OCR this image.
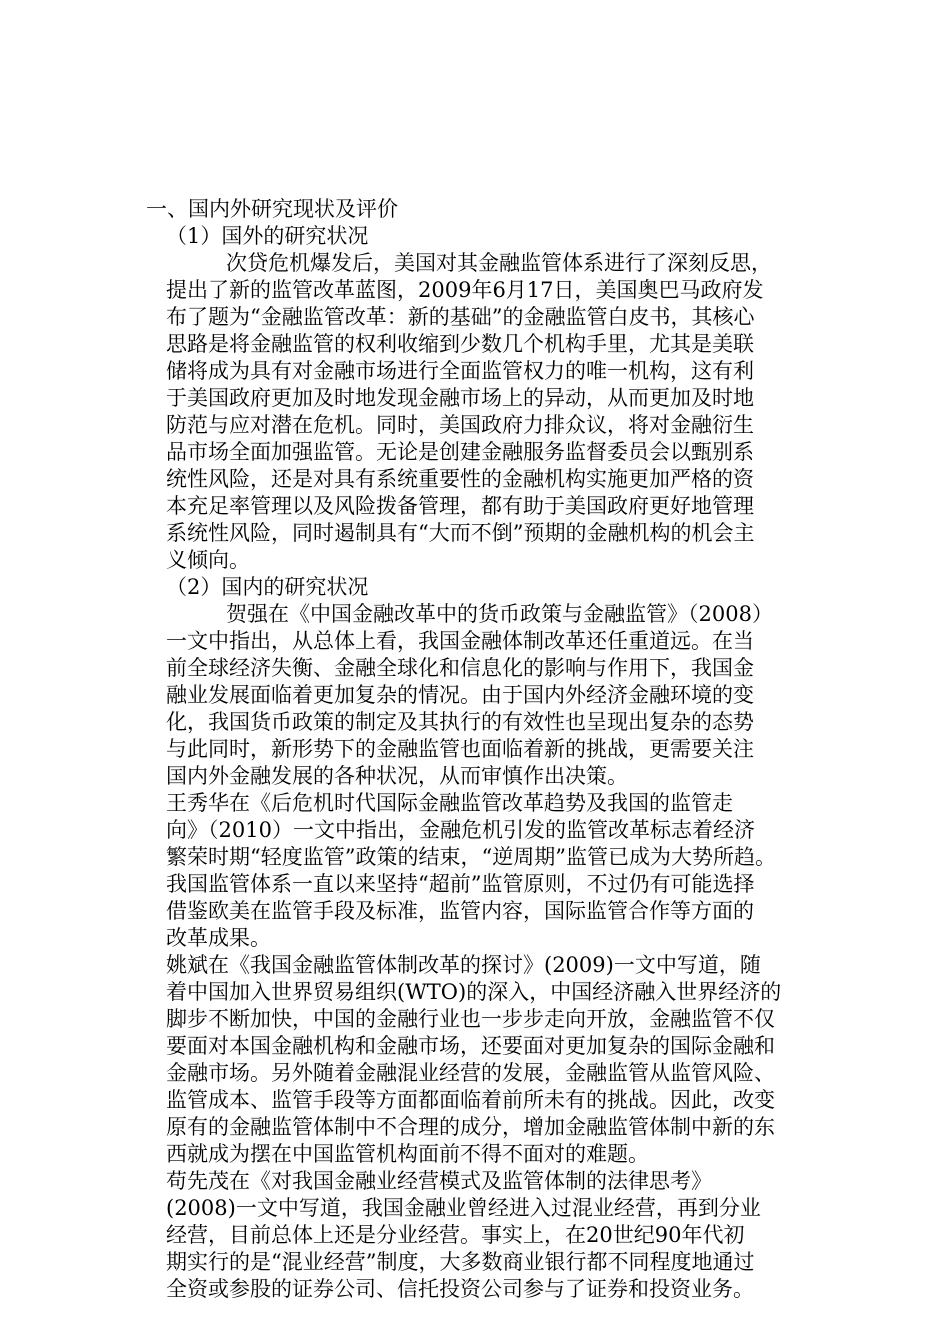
一、国内外研究现状及评价
（1）国外的研究状况
次贷危机爆发后，美国对其金融监管体系进行了深刻反思，
提出了新的监管改革蓝图，2009年6月17日，美国奥巴马政府发
布了题为“金融监管改革：新的基础”的金融监管白皮书，其核心
思路是将金融监管的权利收缩到少数几个机构手里，尤其是美联
储将成为具有对金融市场进行全面监管权力的唯一机构，这有利
于美国政府更加及时地发现金融市场上的异动，从而更加及时地
防范与应对潜在危机。同时，美国政府力排众议，将对金融衍生
品市场全面加强监管。无论是创建金融服务监督委员会以甄别系
统性风险，还是对具有系统重要性的金融机构实施更加严格的资
本充足率管理以及风险拨备管理，都有助于美国政府更好地管理
系统性风险，同时遏制具有“大而不倒”预期的金融机构的机会主
义倾向。
（2）国内的研究状况
贺强在《中国金融改革中的货币政策与金融监管》（2008）
一文中指出，从总体上看，我国金融体制改革还任重道远。在当
前全球经济失衡、金融全球化和信息化的影响与作用下，我国金
融业发展面临着更加复杂的情况。由于国内外经济金融环境的变
化，我国货币政策的制定及其执行的有效性也呈现出复杂的态势
与此同时，新形势下的金融监管也面临着新的挑战，更需要关注
国内外金融发展的各种状况，从而审慎作出决策。
王秀华在《后危机时代国际金融监管改革趋势及我国的监管走
向》（2010）一文中指出，金融危机引发的监管改革标志着经济
繁荣时期“轻度监管”政策的结束，“逆周期”监管已成为大势所趋。
我国监管体系一直以来坚持“超前”监管原则，不过仍有可能选择
借鉴欧美在监管手段及标准，监管内容，国际监管合作等方面的
改革成果。
姚斌在《我国金融监管体制改革的探讨》(2009)一文中写道，随
着中国加入世界贸易组织(WTO)的深入，中国经济融入世界经济的
脚步不断加快，中国的金融行业也一步步走向开放，金融监管不仅
要面对本国金融机构和金融市场，还要面对更加复杂的国际金融和
金融市场。另外随着金融混业经营的发展，金融监管从监管风险、
监管成本、监管手段等方面都面临着前所未有的挑战。因此，改变
原有的金融监管体制中不合理的成分，增加金融监管体制中新的东
西就成为摆在中国监管机构面前不得不面对的难题。
苟先茂在《对我国金融业经营模式及监管体制的法律思考》
(2008)一文中写道，我国金融业曾经进入过混业经营，再到分业
经营，目前总体上还是分业经营。事实上，在20世纪90年代初
期实行的是“混业经营”制度，大多数商业银行都不同程度地通过
全资或参股的证券公司、信托投资公司参与了证券和投资业务。
